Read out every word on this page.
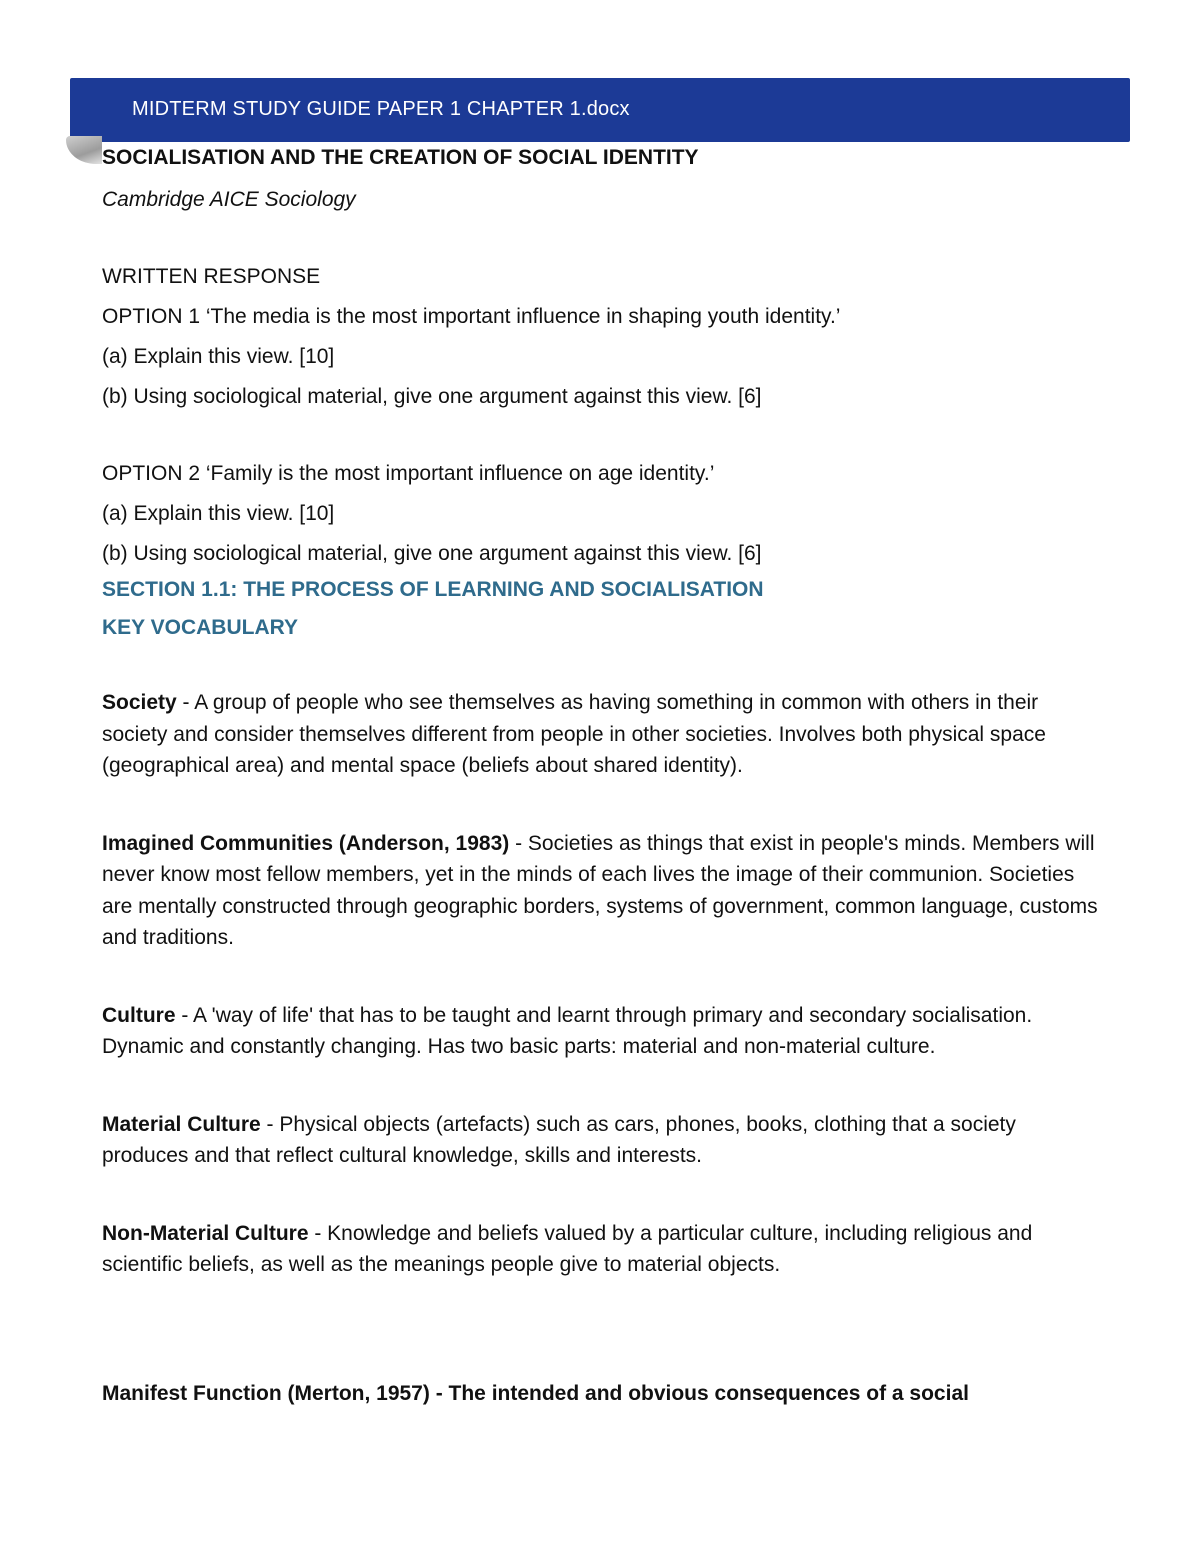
MIDTERM STUDY GUIDE PAPER 1 CHAPTER 1.docx

SOCIALISATION AND THE CREATION OF SOCIAL IDENTITY

Cambridge AICE Sociology

WRITTEN RESPONSE

OPTION 1 ‘The media is the most important influence in shaping youth identity.’

(a) Explain this view. [10]

(b) Using sociological material, give one argument against this view. [6]

OPTION 2 ‘Family is the most important influence on age identity.’

(a) Explain this view. [10]

(b) Using sociological material, give one argument against this view. [6]

SECTION 1.1: THE PROCESS OF LEARNING AND SOCIALISATION

KEY VOCABULARY

Society - A group of people who see themselves as having something in common with others in their society and consider themselves different from people in other societies. Involves both physical space (geographical area) and mental space (beliefs about shared identity).

Imagined Communities (Anderson, 1983) - Societies as things that exist in people's minds. Members will never know most fellow members, yet in the minds of each lives the image of their communion. Societies are mentally constructed through geographic borders, systems of government, common language, customs and traditions.

Culture - A 'way of life' that has to be taught and learnt through primary and secondary socialisation. Dynamic and constantly changing. Has two basic parts: material and non-material culture.

Material Culture - Physical objects (artefacts) such as cars, phones, books, clothing that a society produces and that reflect cultural knowledge, skills and interests.

Non-Material Culture - Knowledge and beliefs valued by a particular culture, including religious and scientific beliefs, as well as the meanings people give to material objects.

Manifest Function (Merton, 1957) - The intended and obvious consequences of a social
